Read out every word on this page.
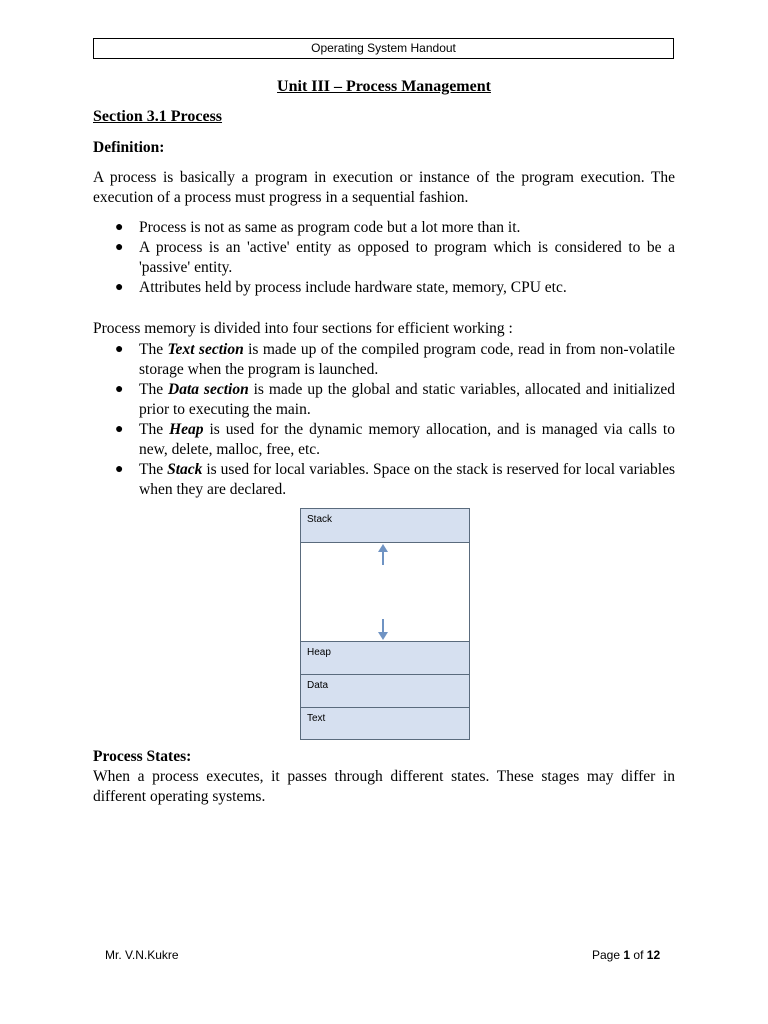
Operating System Handout
Unit III – Process Management
Section 3.1 Process
Definition:

A process is basically a program in execution or instance of the program execution. The execution of a process must progress in a sequential fashion.

● Process is not as same as program code but a lot more than it.
● A process is an 'active' entity as opposed to program which is considered to be a 'passive' entity.
● Attributes held by process include hardware state, memory, CPU etc.

Process memory is divided into four sections for efficient working :

● The Text section is made up of the compiled program code, read in from non-volatile storage when the program is launched.
● The Data section is made up the global and static variables, allocated and initialized prior to executing the main.
● The Heap is used for the dynamic memory allocation, and is managed via calls to new, delete, malloc, free, etc.
● The Stack is used for local variables. Space on the stack is reserved for local variables when they are declared.
Stack
Heap
Data
Text
Process States:

When a process executes, it passes through different states. These stages may differ in different operating systems.

Mr. V.N.Kukre	Page 1 of 12
